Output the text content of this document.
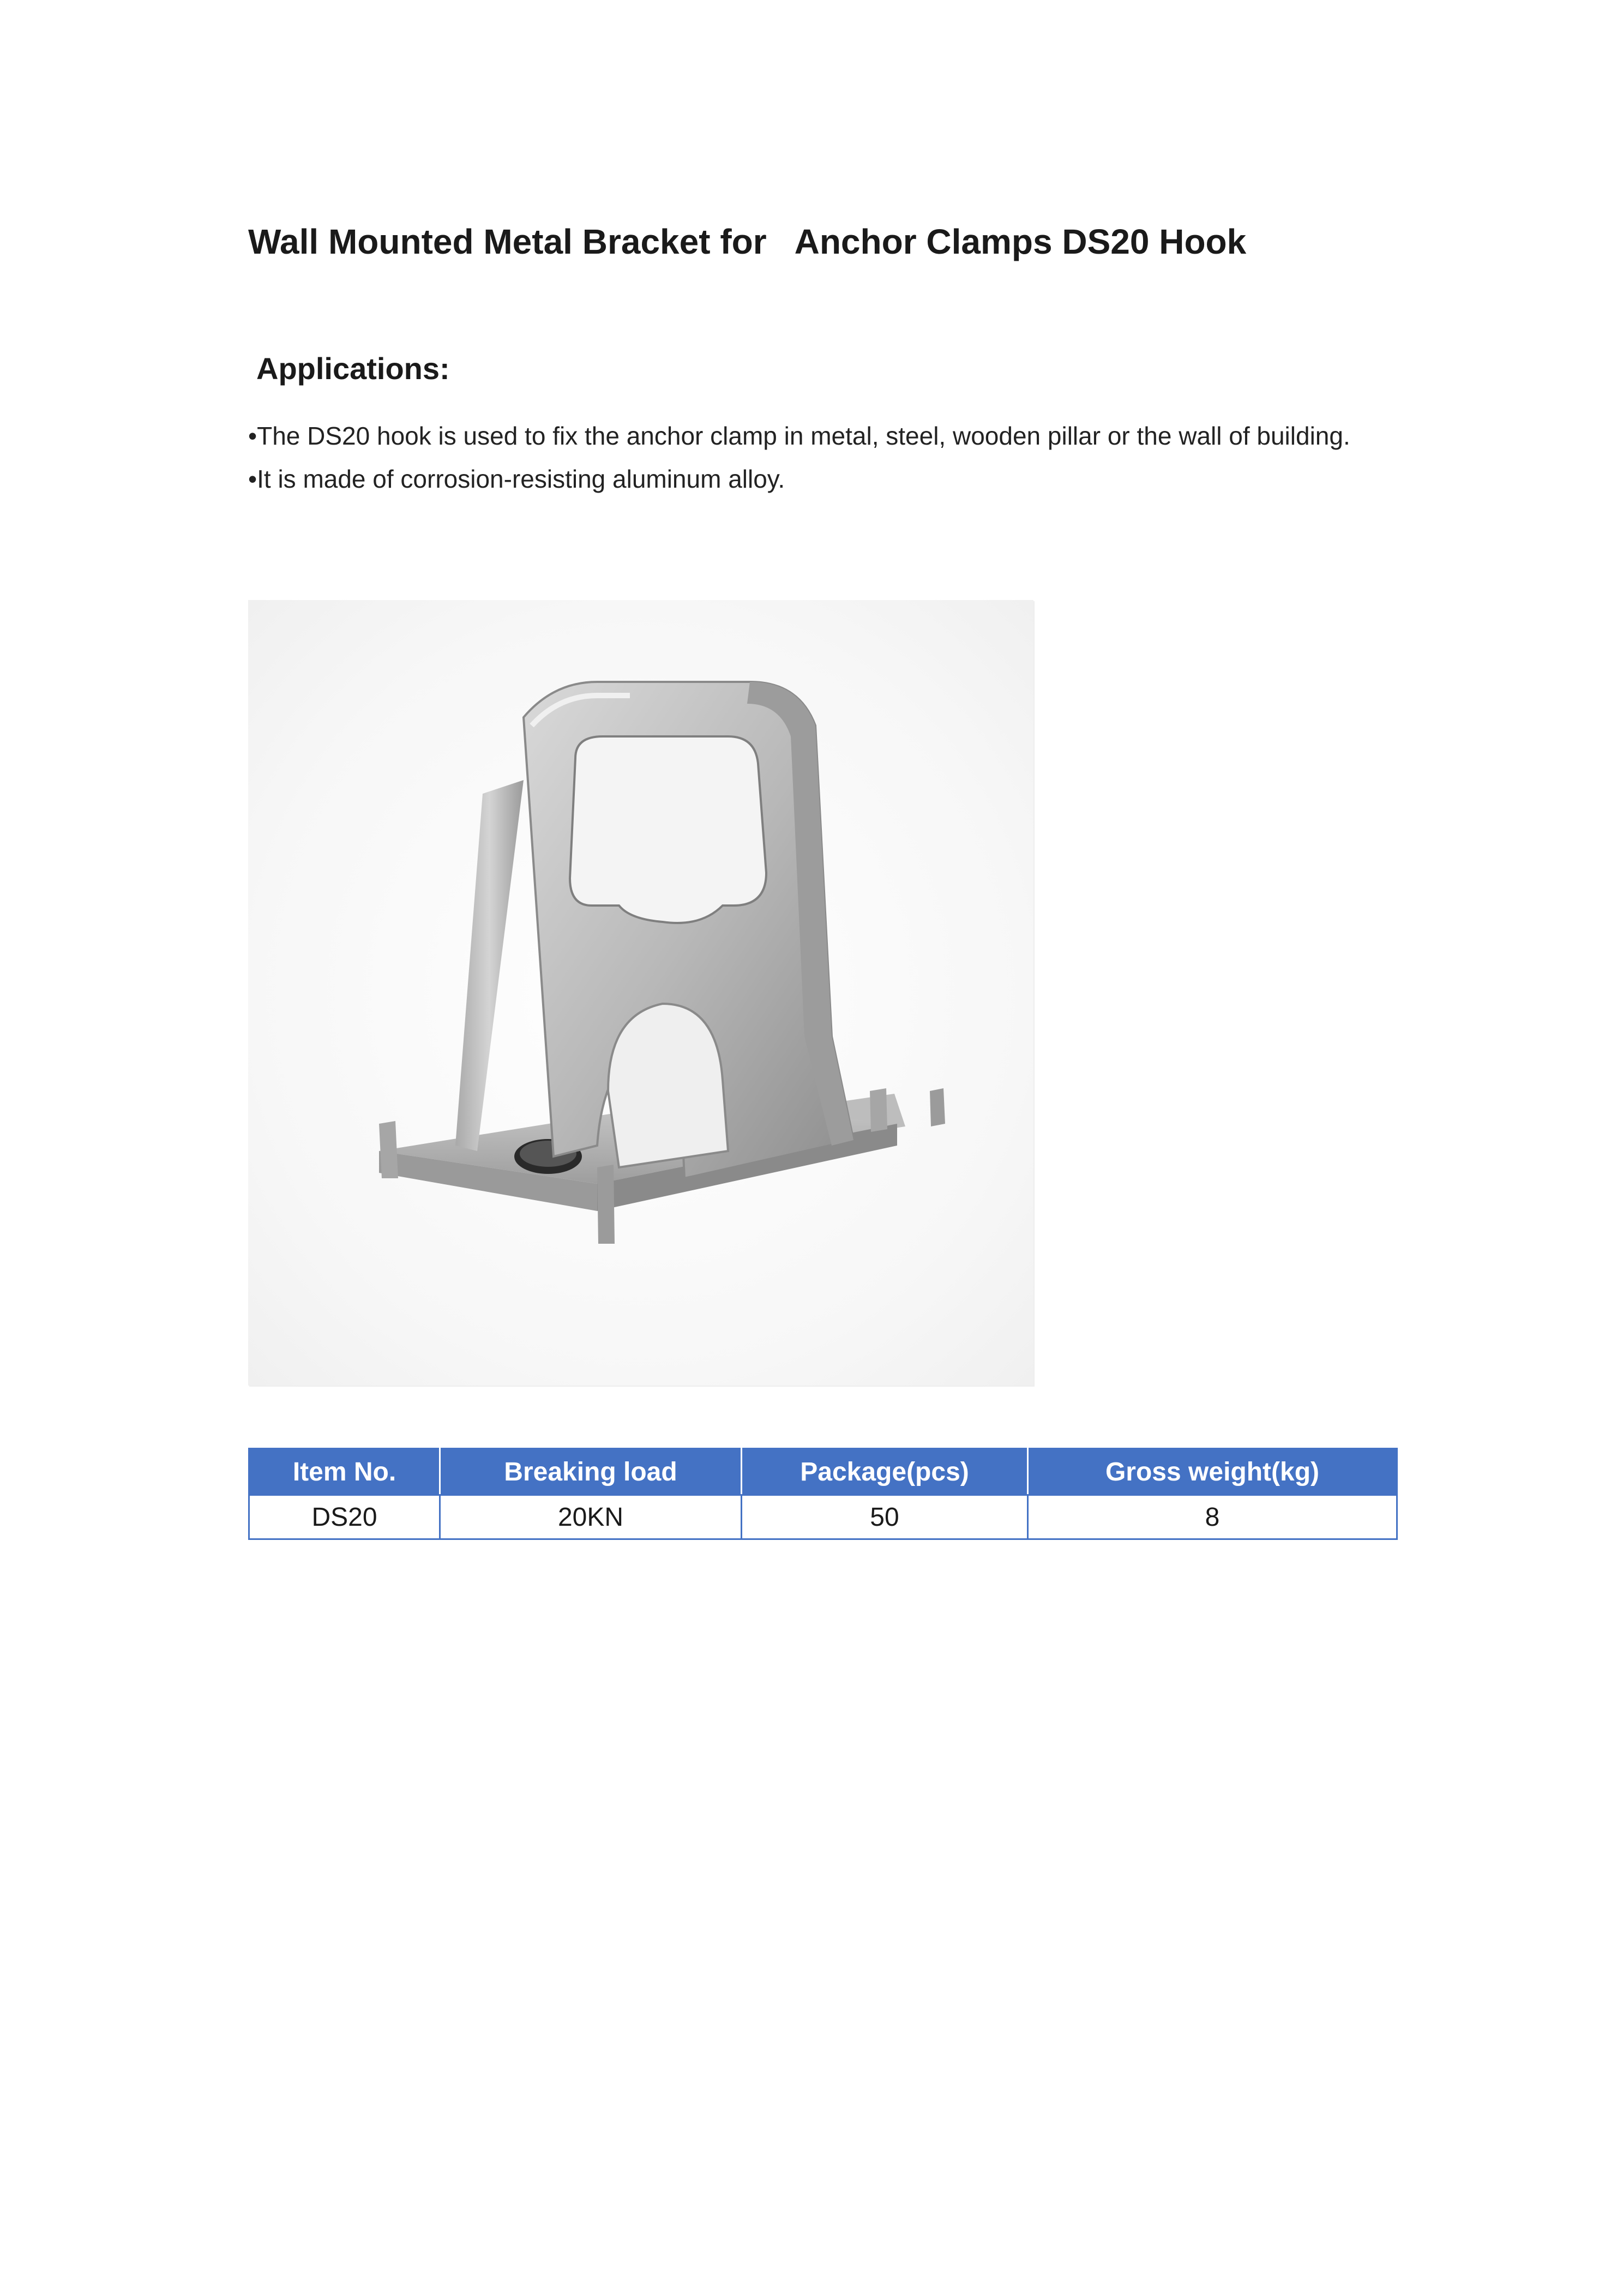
Wall Mounted Metal Bracket for   Anchor Clamps DS20 Hook
Applications:
•The DS20 hook is used to fix the anchor clamp in metal, steel, wooden pillar or the wall of building.
•It is made of corrosion-resisting aluminum alloy.
Item No.	Breaking load	Package(pcs)	Gross weight(kg)
DS20	20KN	50	8
